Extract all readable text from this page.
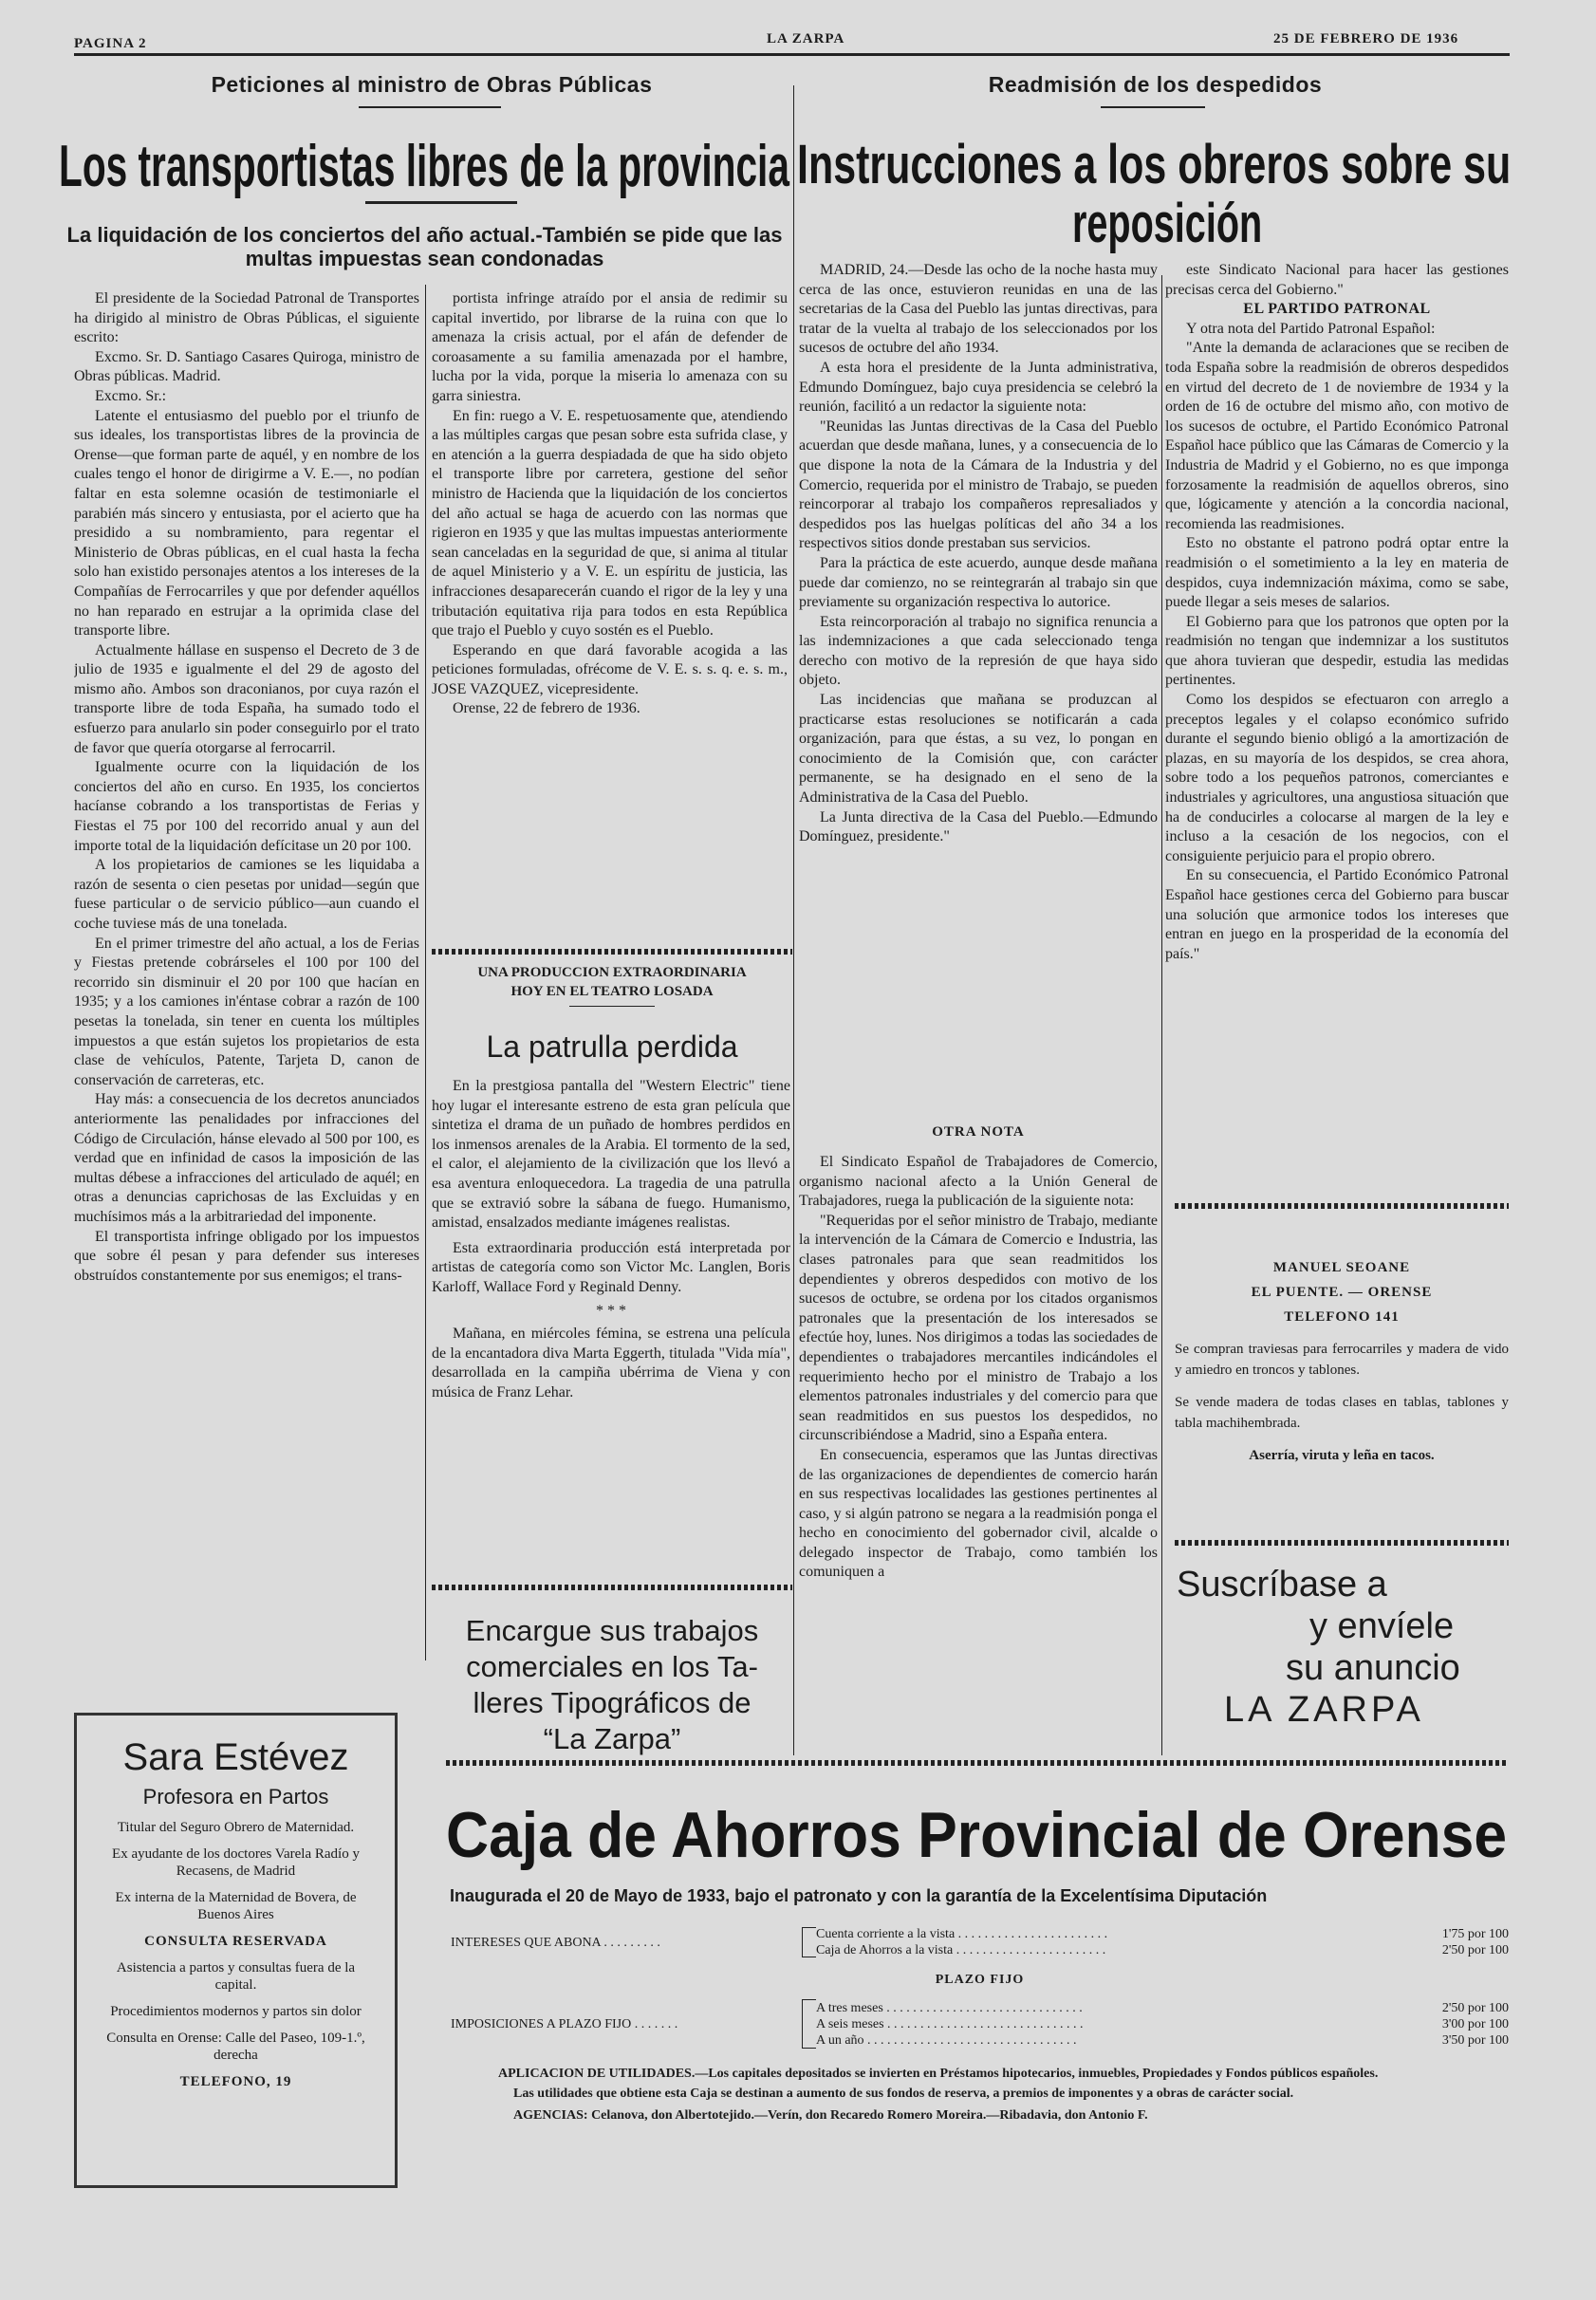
PAGINA 2	LA ZARPA	25 DE FEBRERO DE 1936
Peticiones al ministro de Obras Públicas
Los transportistas libres de la provincia
La liquidación de los conciertos del año actual.-También se pide que las multas impuestas sean condonadas

El presidente de la Sociedad Patronal de Transportes ha dirigido al ministro de Obras Públicas, el siguiente escrito:

Excmo. Sr. D. Santiago Casares Quiroga, ministro de Obras públicas. Madrid.

Excmo. Sr.:

Latente el entusiasmo del pueblo por el triunfo de sus ideales, los transportistas libres de la provincia de Orense—que forman parte de aquél, y en nombre de los cuales tengo el honor de dirigirme a V. E.—, no podían faltar en esta solemne ocasión de testimoniarle el parabién más sincero y entusiasta, por el acierto que ha presidido a su nombramiento, para regentar el Ministerio de Obras públicas, en el cual hasta la fecha solo han existido personajes atentos a los intereses de la Compañías de Ferrocarriles y que por defender aquéllos no han reparado en estrujar a la oprimida clase del transporte libre.

Actualmente hállase en suspenso el Decreto de 3 de julio de 1935 e igualmente el del 29 de agosto del mismo año. Ambos son draconianos, por cuya razón el transporte libre de toda España, ha sumado todo el esfuerzo para anularlo sin poder conseguirlo por el trato de favor que quería otorgarse al ferrocarril.

Igualmente ocurre con la liquidación de los conciertos del año en curso. En 1935, los conciertos hacíanse cobrando a los transportistas de Ferias y Fiestas el 75 por 100 del recorrido anual y aun del importe total de la liquidación defícitase un 20 por 100.

A los propietarios de camiones se les liquidaba a razón de sesenta o cien pesetas por unidad—según que fuese particular o de servicio público—aun cuando el coche tuviese más de una tonelada.

En el primer trimestre del año actual, a los de Ferias y Fiestas pretende cobrárseles el 100 por 100 del recorrido sin disminuir el 20 por 100 que hacían en 1935; y a los camiones in'éntase cobrar a razón de 100 pesetas la tonelada, sin tener en cuenta los múltiples impuestos a que están sujetos los propietarios de esta clase de vehículos, Patente, Tarjeta D, canon de conservación de carreteras, etc.

Hay más: a consecuencia de los decretos anunciados anteriormente las penalidades por infracciones del Código de Circulación, hánse elevado al 500 por 100, es verdad que en infinidad de casos la imposición de las multas débese a infracciones del articulado de aquél; en otras a denuncias caprichosas de las Excluidas y en muchísimos más a la arbitrariedad del imponente.

El transportista infringe obligado por los impuestos que sobre él pesan y para defender sus intereses obstruídos constantemente por sus enemigos; el trans-

portista infringe atraído por el ansia de redimir su capital invertido, por librarse de la ruina con que lo amenaza la crisis actual, por el afán de defender de coroasamente a su familia amenazada por el hambre, lucha por la vida, porque la miseria lo amenaza con su garra siniestra.

En fin: ruego a V. E. respetuosamente que, atendiendo a las múltiples cargas que pesan sobre esta sufrida clase, y en atención a la guerra despiadada de que ha sido objeto el transporte libre por carretera, gestione del señor ministro de Hacienda que la liquidación de los conciertos del año actual se haga de acuerdo con las normas que rigieron en 1935 y que las multas impuestas anteriormente sean canceladas en la seguridad de que, si anima al titular de aquel Ministerio y a V. E. un espíritu de justicia, las infracciones desaparecerán cuando el rigor de la ley y una tributación equitativa rija para todos en esta República que trajo el Pueblo y cuyo sostén es el Pueblo.

Esperando en que dará favorable acogida a las peticiones formuladas, ofrécome de V. E. s. s. q. e. s. m., JOSE VAZQUEZ, vicepresidente.

Orense, 22 de febrero de 1936.

UNA PRODUCCION EXTRAORDINARIA
HOY EN EL TEATRO LOSADA
La patrulla perdida

En la prestgiosa pantalla del "Western Electric" tiene hoy lugar el interesante estreno de esta gran película que sintetiza el drama de un puñado de hombres perdidos en los inmensos arenales de la Arabia. El tormento de la sed, el calor, el alejamiento de la civilización que los llevó a esa aventura enloquecedora. La tragedia de una patrulla que se extravió sobre la sábana de fuego. Humanismo, amistad, ensalzados mediante imágenes realistas.

Esta extraordinaria producción está interpretada por artistas de categoría como son Victor Mc. Langlen, Boris Karloff, Wallace Ford y Reginald Denny.

* * *

Mañana, en miércoles fémina, se estrena una película de la encantadora diva Marta Eggerth, titulada "Vida mía", desarrollada en la campiña ubérrima de Viena y con música de Franz Lehar.

Encargue sus trabajos
comerciales en los Ta-
lleres Tipográficos de
“La Zarpa”
Sara Estévez
Profesora en Partos
Titular del Seguro Obrero de Maternidad.
Ex ayudante de los doctores Varela Radío y Recasens, de Madrid
Ex interna de la Maternidad de Bovera, de Buenos Aires
CONSULTA RESERVADA
Asistencia a partos y consultas fuera de la capital.
Procedimientos modernos y partos sin dolor
Consulta en Orense: Calle del Paseo, 109-1.º, derecha
TELEFONO, 19
Readmisión de los despedidos
Instrucciones a los obreros sobre su
reposición

MADRID, 24.—Desde las ocho de la noche hasta muy cerca de las once, estuvieron reunidas en una de las secretarias de la Casa del Pueblo las juntas directivas, para tratar de la vuelta al trabajo de los seleccionados por los sucesos de octubre del año 1934.

A esta hora el presidente de la Junta administrativa, Edmundo Domínguez, bajo cuya presidencia se celebró la reunión, facilitó a un redactor la siguiente nota:

"Reunidas las Juntas directivas de la Casa del Pueblo acuerdan que desde mañana, lunes, y a consecuencia de lo que dispone la nota de la Cámara de la Industria y del Comercio, requerida por el ministro de Trabajo, se pueden reincorporar al trabajo los compañeros represaliados y despedidos pos las huelgas políticas del año 34 a los respectivos sitios donde prestaban sus servicios.

Para la práctica de este acuerdo, aunque desde mañana puede dar comienzo, no se reintegrarán al trabajo sin que previamente su organización respectiva lo autorice.

Esta reincorporación al trabajo no significa renuncia a las indemnizaciones a que cada seleccionado tenga derecho con motivo de la represión de que haya sido objeto.

Las incidencias que mañana se produzcan al practicarse estas resoluciones se notificarán a cada organización, para que éstas, a su vez, lo pongan en conocimiento de la Comisión que, con carácter permanente, se ha designado en el seno de la Administrativa de la Casa del Pueblo.

La Junta directiva de la Casa del Pueblo.—Edmundo Domínguez, presidente."

OTRA NOTA

El Sindicato Español de Trabajadores de Comercio, organismo nacional afecto a la Unión General de Trabajadores, ruega la publicación de la siguiente nota:

"Requeridas por el señor ministro de Trabajo, mediante la intervención de la Cámara de Comercio e Industria, las clases patronales para que sean readmitidos los dependientes y obreros despedidos con motivo de los sucesos de octubre, se ordena por los citados organismos patronales que la presentación de los interesados se efectúe hoy, lunes. Nos dirigimos a todas las sociedades de dependientes o trabajadores mercantiles indicándoles el requerimiento hecho por el ministro de Trabajo a los elementos patronales industriales y del comercio para que sean readmitidos en sus puestos los despedidos, no circunscribiéndose a Madrid, sino a España entera.

En consecuencia, esperamos que las Juntas directivas de las organizaciones de dependientes de comercio harán en sus respectivas localidades las gestiones pertinentes al caso, y si algún patrono se negara a la readmisión ponga el hecho en conocimiento del gobernador civil, alcalde o delegado inspector de Trabajo, como también los comuniquen a

este Sindicato Nacional para hacer las gestiones precisas cerca del Gobierno."

EL PARTIDO PATRONAL

Y otra nota del Partido Patronal Español:

"Ante la demanda de aclaraciones que se reciben de toda España sobre la readmisión de obreros despedidos en virtud del decreto de 1 de noviembre de 1934 y la orden de 16 de octubre del mismo año, con motivo de los sucesos de octubre, el Partido Económico Patronal Español hace público que las Cámaras de Comercio y la Industria de Madrid y el Gobierno, no es que imponga forzosamente la readmisión de aquellos obreros, sino que, lógicamente y atención a la concordia nacional, recomienda las readmisiones.

Esto no obstante el patrono podrá optar entre la readmisión o el sometimiento a la ley en materia de despidos, cuya indemnización máxima, como se sabe, puede llegar a seis meses de salarios.

El Gobierno para que los patronos que opten por la readmisión no tengan que indemnizar a los sustitutos que ahora tuvieran que despedir, estudia las medidas pertinentes.

Como los despidos se efectuaron con arreglo a preceptos legales y el colapso económico sufrido durante el segundo bienio obligó a la amortización de plazas, en su mayoría de los despidos, se crea ahora, sobre todo a los pequeños patronos, comerciantes e industriales y agricultores, una angustiosa situación que ha de conducirles a colocarse al margen de la ley e incluso a la cesación de los negocios, con el consiguiente perjuicio para el propio obrero.

En su consecuencia, el Partido Económico Patronal Español hace gestiones cerca del Gobierno para buscar una solución que armonice todos los intereses que entran en juego en la prosperidad de la economía del país."

MANUEL SEOANE
EL PUENTE. — ORENSE
TELEFONO 141
Se compran traviesas para ferrocarriles y madera de vido y amiedro en troncos y tablones.
Se vende madera de todas clases en tablas, tablones y tabla machihembrada.
Aserría, viruta y leña en tacos.
Suscríbase a
y envíele
su anuncio
LA ZARPA
Caja de Ahorros Provincial de Orense
Inaugurada el 20 de Mayo de 1933, bajo el patronato y con la garantía de la Excelentísima Diputación
INTERESES QUE ABONA . . . . . . . . .
Cuenta corriente a la vista . . . . . . . . . . . . . . . . . . . . . . .	1'75 por 100
Caja de Ahorros a la vista . . . . . . . . . . . . . . . . . . . . . . .	2'50 por 100
PLAZO FIJO
IMPOSICIONES A PLAZO FIJO . . . . . . .
A tres meses . . . . . . . . . . . . . . . . . . . . . . . . . . . . . .	2'50 por 100
A seis meses . . . . . . . . . . . . . . . . . . . . . . . . . . . . . .	3'00 por 100
A un año . . . . . . . . . . . . . . . . . . . . . . . . . . . . . . . .	3'50 por 100
APLICACION DE UTILIDADES.—Los capitales depositados se invierten en Préstamos hipotecarios, inmuebles, Propiedades y Fondos públicos españoles.
Las utilidades que obtiene esta Caja se destinan a aumento de sus fondos de reserva, a premios de imponentes y a obras de carácter social.
AGENCIAS: Celanova, don Albertotejido.—Verín, don Recaredo Romero Moreira.—Ribadavia, don Antonio F.
